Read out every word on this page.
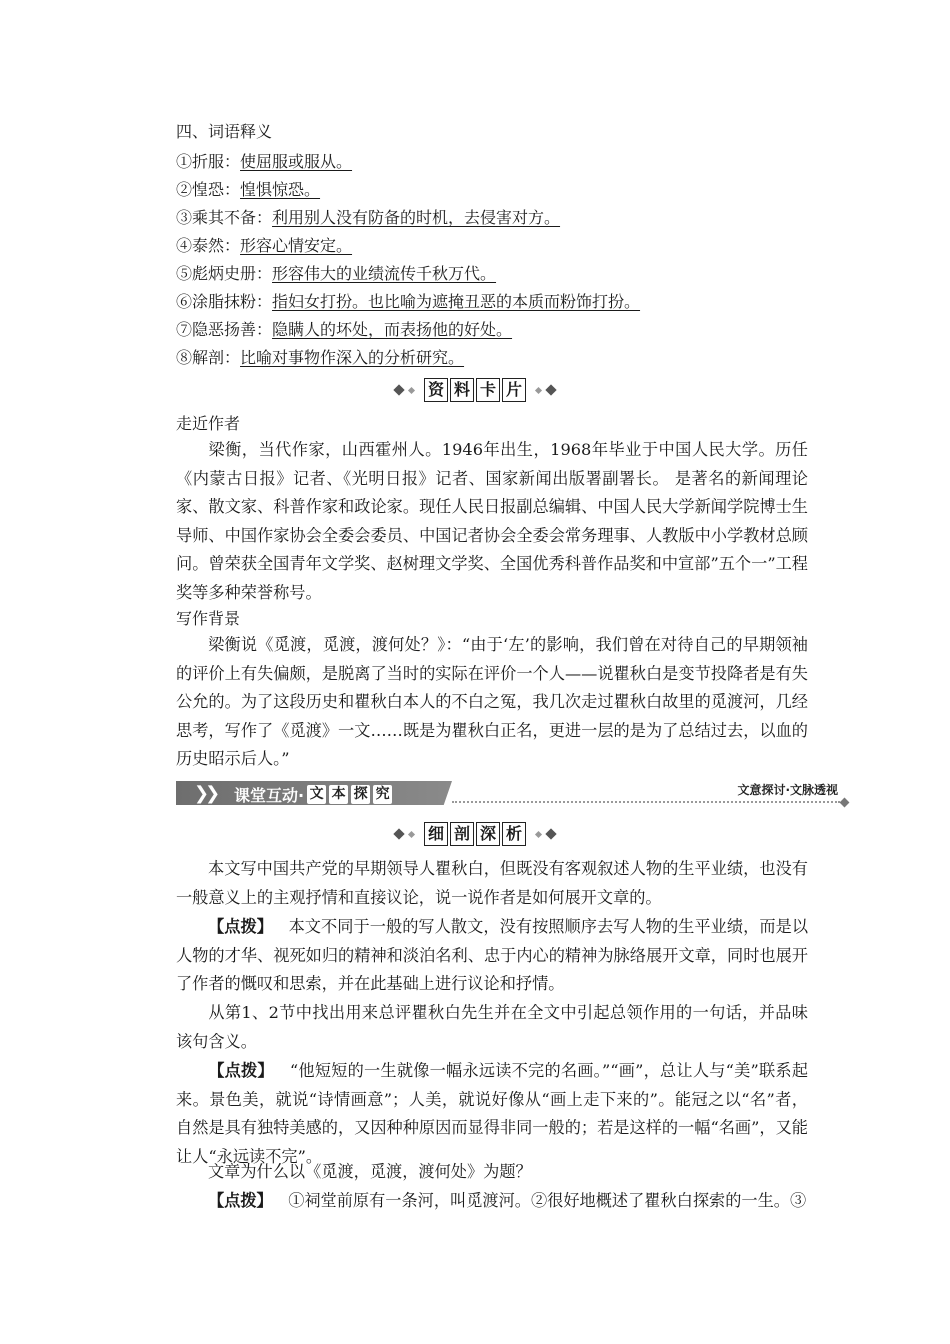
四、词语释义
①折服：使屈服或服从。
②惶恐：惶惧惊恐。
③乘其不备：利用别人没有防备的时机，去侵害对方。
④泰然：形容心情安定。
⑤彪炳史册：形容伟大的业绩流传千秋万代。
⑥涂脂抹粉：指妇女打扮。也比喻为遮掩丑恶的本质而粉饰打扮。
⑦隐恶扬善：隐瞒人的坏处，而表扬他的好处。
⑧解剖：比喻对事物作深入的分析研究。
资 料 卡 片
走近作者
梁衡，当代作家，山西霍州人。1946年出生，1968年毕业于中国人民大学。历任《内蒙古日报》记者、《光明日报》记者、国家新闻出版署副署长。 是著名的新闻理论家、散文家、科普作家和政论家。现任人民日报副总编辑、中国人民大学新闻学院博士生导师、中国作家协会全委会委员、中国记者协会全委会常务理事、人教版中小学教材总顾问。曾荣获全国青年文学奖、赵树理文学奖、全国优秀科普作品奖和中宣部”五个一”工程奖等多种荣誉称号。
写作背景
梁衡说《觅渡，觅渡，渡何处？》：“由于‘左’的影响，我们曾在对待自己的早期领袖的评价上有失偏颇，是脱离了当时的实际在评价一个人——说瞿秋白是变节投降者是有失公允的。为了这段历史和瞿秋白本人的不白之冤，我几次走过瞿秋白故里的觅渡河，几经思考，写作了《觅渡》一文……既是为瞿秋白正名，更进一层的是为了总结过去，以血的历史昭示后人。”
❯❯ 课堂互动· 文 本 探 究	文意探讨·文脉透视
细 剖 深 析
本文写中国共产党的早期领导人瞿秋白，但既没有客观叙述人物的生平业绩，也没有一般意义上的主观抒情和直接议论，说一说作者是如何展开文章的。
【点拨】 本文不同于一般的写人散文，没有按照顺序去写人物的生平业绩，而是以人物的才华、视死如归的精神和淡泊名利、忠于内心的精神为脉络展开文章，同时也展开了作者的慨叹和思索，并在此基础上进行议论和抒情。
从第1、2节中找出用来总评瞿秋白先生并在全文中引起总领作用的一句话，并品味该句含义。
【点拨】 “他短短的一生就像一幅永远读不完的名画。”“画”，总让人与“美”联系起来。景色美，就说“诗情画意”；人美，就说好像从“画上走下来的”。能冠之以“名”者，自然是具有独特美感的，又因种种原因而显得非同一般的；若是这样的一幅“名画”，又能让人“永远读不完”。
文章为什么以《觅渡，觅渡，渡何处》为题？
【点拨】 ①祠堂前原有一条河，叫觅渡河。②很好地概述了瞿秋白探索的一生。③
